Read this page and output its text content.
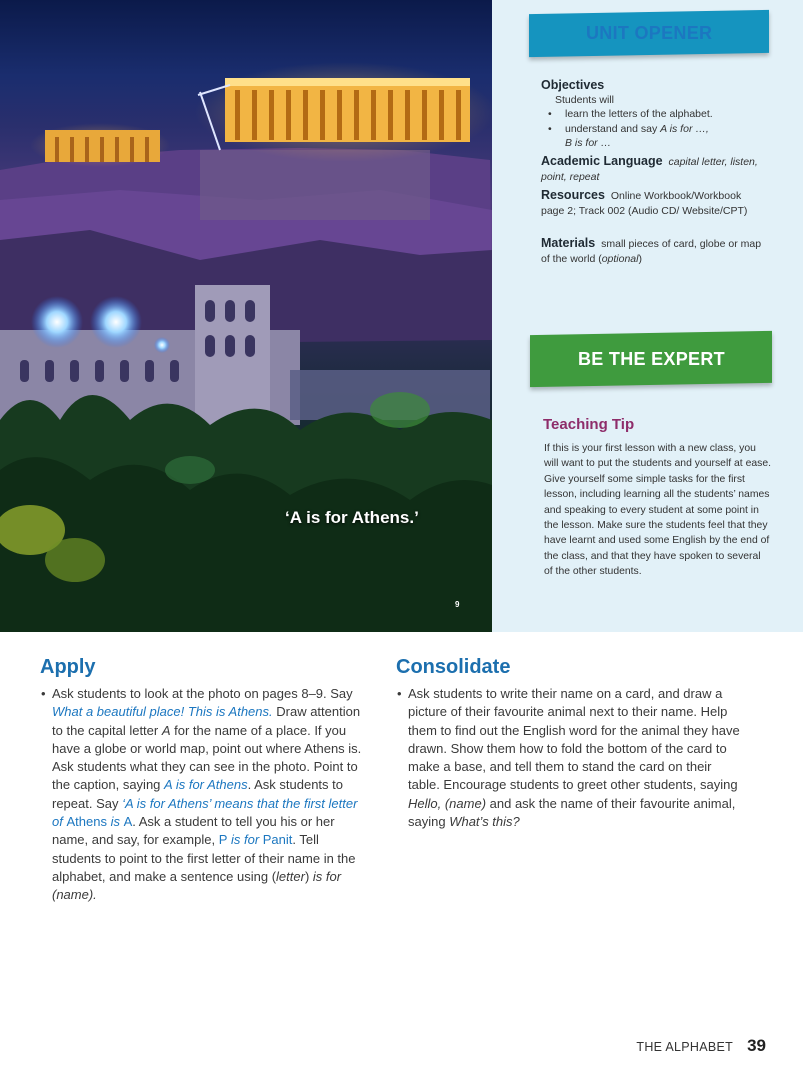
‘A is for Athens.’
9
UNIT OPENER
Objectives
Students will
• learn the letters of the alphabet.
• understand and say A is for …,
B is for …
Academic Language capital letter, listen, point, repeat
Resources Online Workbook/Workbook page 2; Track 002 (Audio CD/ Website/CPT)
Materials small pieces of card, globe or map of the world (optional)
BE THE EXPERT
Teaching Tip
If this is your first lesson with a new class, you will want to put the students and yourself at ease. Give yourself some simple tasks for the first lesson, including learning all the students’ names and speaking to every student at some point in the lesson. Make sure the students feel that they have learnt and used some English by the end of the class, and that they have spoken to several of the other students.
Apply

• Ask students to look at the photo on pages 8–9. Say What a beautiful place! This is Athens. Draw attention to the capital letter A for the name of a place. If you have a globe or world map, point out where Athens is. Ask students what they can see in the photo. Point to the caption, saying A is for Athens. Ask students to repeat. Say ‘A is for Athens’ means that the first letter of Athens is A. Ask a student to tell you his or her name, and say, for example, P is for Panit. Tell students to point to the first letter of their name in the alphabet, and make a sentence using (letter) is for (name).

Consolidate

• Ask students to write their name on a card, and draw a picture of their favourite animal next to their name. Help them to find out the English word for the animal they have drawn. Show them how to fold the bottom of the card to make a base, and tell them to stand the card on their table. Encourage students to greet other students, saying Hello, (name) and ask the name of their favourite animal, saying What’s this?

THE ALPHABET 39
